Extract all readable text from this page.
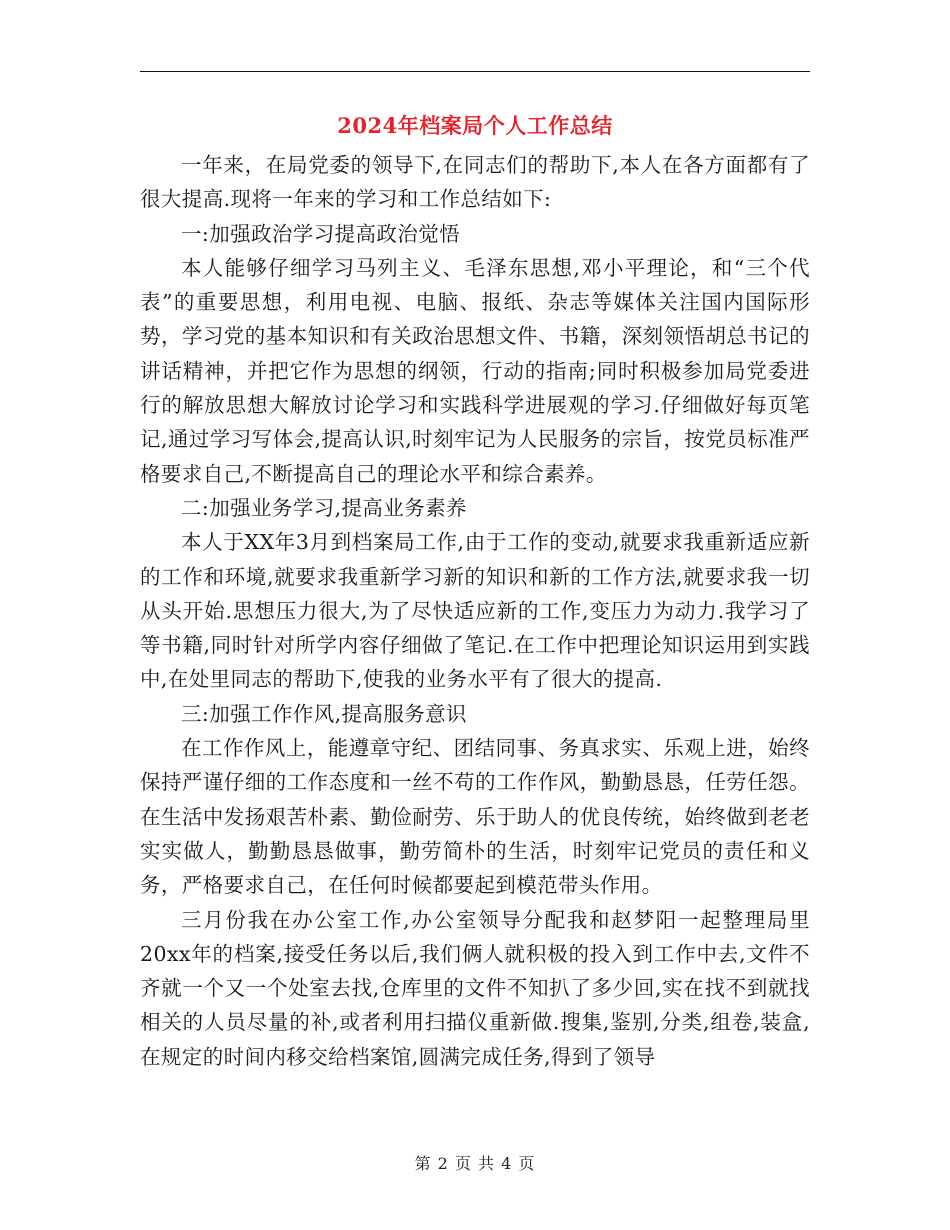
2024年档案局个人工作总结

一年来，在局党委的领导下,在同志们的帮助下,本人在各方面都有了很大提高.现将一年来的学习和工作总结如下:

一:加强政治学习提高政治觉悟

本人能够仔细学习马列主义、毛泽东思想,邓小平理论，和“三个代表”的重要思想，利用电视、电脑、报纸、杂志等媒体关注国内国际形势，学习党的基本知识和有关政治思想文件、书籍，深刻领悟胡总书记的讲话精神，并把它作为思想的纲领，行动的指南;同时积极参加局党委进行的解放思想大解放讨论学习和实践科学进展观的学习.仔细做好每页笔记,通过学习写体会,提高认识,时刻牢记为人民服务的宗旨，按党员标准严格要求自己,不断提高自己的理论水平和综合素养。

二:加强业务学习,提高业务素养

本人于XX年3月到档案局工作,由于工作的变动,就要求我重新适应新的工作和环境,就要求我重新学习新的知识和新的工作方法,就要求我一切从头开始.思想压力很大,为了尽快适应新的工作,变压力为动力.我学习了等书籍,同时针对所学内容仔细做了笔记.在工作中把理论知识运用到实践中,在处里同志的帮助下,使我的业务水平有了很大的提高.

三:加强工作作风,提高服务意识

在工作作风上，能遵章守纪、团结同事、务真求实、乐观上进，始终保持严谨仔细的工作态度和一丝不苟的工作作风，勤勤恳恳，任劳任怨。在生活中发扬艰苦朴素、勤俭耐劳、乐于助人的优良传统，始终做到老老实实做人，勤勤恳恳做事，勤劳简朴的生活，时刻牢记党员的责任和义务，严格要求自己，在任何时候都要起到模范带头作用。

三月份我在办公室工作,办公室领导分配我和赵梦阳一起整理局里20xx年的档案,接受任务以后,我们俩人就积极的投入到工作中去,文件不齐就一个又一个处室去找,仓库里的文件不知扒了多少回,实在找不到就找相关的人员尽量的补,或者利用扫描仪重新做.搜集,鉴别,分类,组卷,装盒,在规定的时间内移交给档案馆,圆满完成任务,得到了领导

第 2 页 共 4 页
